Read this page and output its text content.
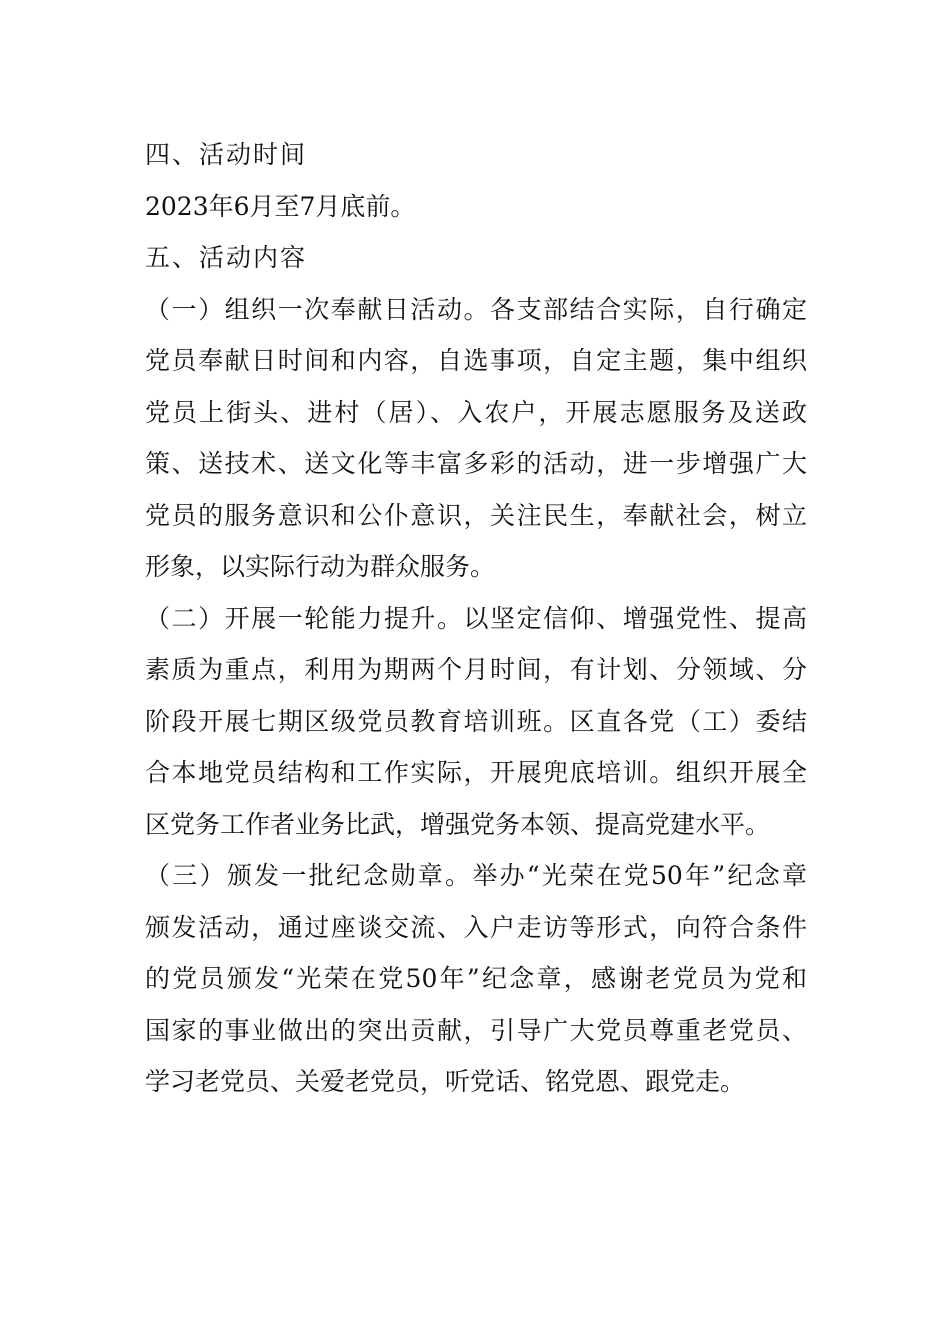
四、活动时间
2023年6月至7月底前。
五、活动内容
（一）组织一次奉献日活动。各支部结合实际，自行确定
党员奉献日时间和内容，自选事项，自定主题，集中组织
党员上街头、进村（居）、入农户，开展志愿服务及送政
策、送技术、送文化等丰富多彩的活动，进一步增强广大
党员的服务意识和公仆意识，关注民生，奉献社会，树立
形象，以实际行动为群众服务。
（二）开展一轮能力提升。以坚定信仰、增强党性、提高
素质为重点，利用为期两个月时间，有计划、分领域、分
阶段开展七期区级党员教育培训班。区直各党（工）委结
合本地党员结构和工作实际，开展兜底培训。组织开展全
区党务工作者业务比武，增强党务本领、提高党建水平。
（三）颁发一批纪念勋章。举办“光荣在党50年”纪念章
颁发活动，通过座谈交流、入户走访等形式，向符合条件
的党员颁发“光荣在党50年”纪念章，感谢老党员为党和
国家的事业做出的突出贡献，引导广大党员尊重老党员、
学习老党员、关爱老党员，听党话、铭党恩、跟党走。
